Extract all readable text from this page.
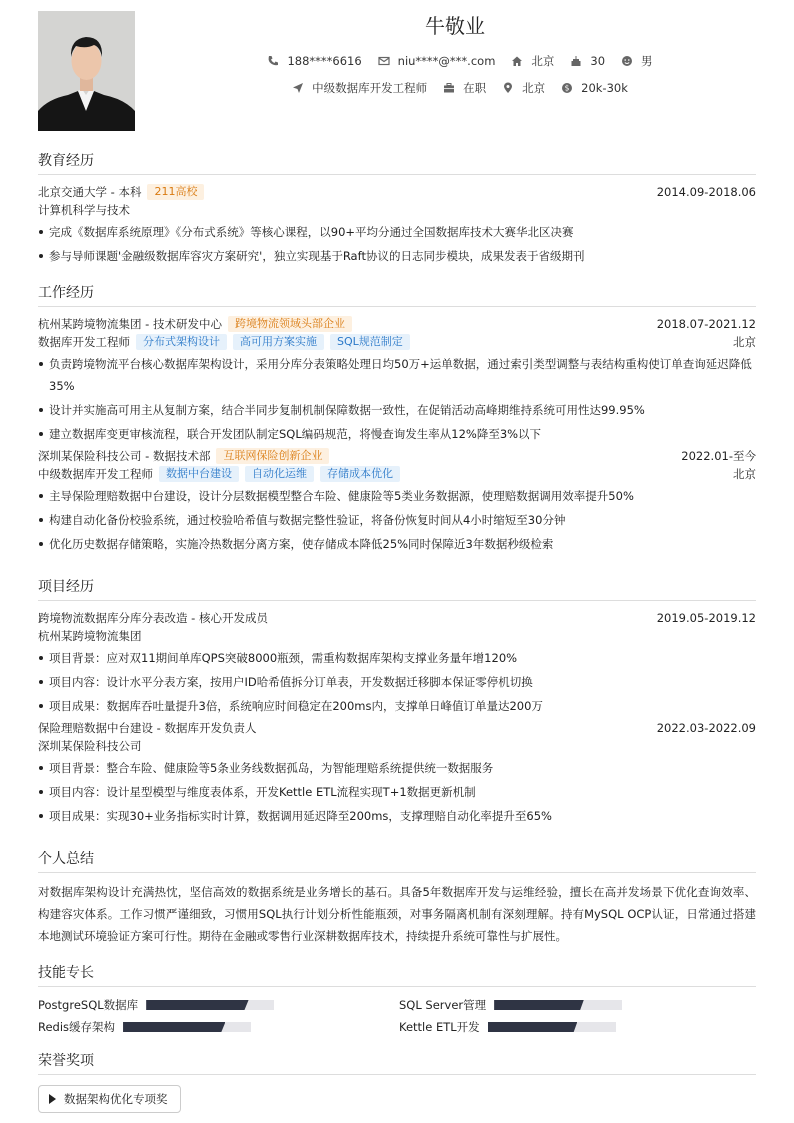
牛敬业
188****6616	niu****@***.com	北京	30	男
中级数据库开发工程师	在职	北京	$ 20k-30k
教育经历
北京交通大学 - 本科	211高校	2014.09-2018.06
计算机科学与技术
完成《数据库系统原理》《分布式系统》等核心课程，以90+平均分通过全国数据库技术大赛华北区决赛
参与导师课题'金融级数据库容灾方案研究'，独立实现基于Raft协议的日志同步模块，成果发表于省级期刊
工作经历
杭州某跨境物流集团 - 技术研发中心	跨境物流领域头部企业	2018.07-2021.12
数据库开发工程师	分布式架构设计	高可用方案实施	SQL规范制定	北京
负责跨境物流平台核心数据库架构设计，采用分库分表策略处理日均50万+运单数据，通过索引类型调整与表结构重构使订单查询延迟降低35%
设计并实施高可用主从复制方案，结合半同步复制机制保障数据一致性，在促销活动高峰期维持系统可用性达99.95%
建立数据库变更审核流程，联合开发团队制定SQL编码规范，将慢查询发生率从12%降至3%以下
深圳某保险科技公司 - 数据技术部	互联网保险创新企业	2022.01-至今
中级数据库开发工程师	数据中台建设	自动化运维	存储成本优化	北京
主导保险理赔数据中台建设，设计分层数据模型整合车险、健康险等5类业务数据源，使理赔数据调用效率提升50%
构建自动化备份校验系统，通过校验哈希值与数据完整性验证，将备份恢复时间从4小时缩短至30分钟
优化历史数据存储策略，实施冷热数据分离方案，使存储成本降低25%同时保障近3年数据秒级检索
项目经历
跨境物流数据库分库分表改造 - 核心开发成员	2019.05-2019.12
杭州某跨境物流集团
项目背景：应对双11期间单库QPS突破8000瓶颈，需重构数据库架构支撑业务量年增120%
项目内容：设计水平分表方案，按用户ID哈希值拆分订单表，开发数据迁移脚本保证零停机切换
项目成果：数据库吞吐量提升3倍，系统响应时间稳定在200ms内，支撑单日峰值订单量达200万
保险理赔数据中台建设 - 数据库开发负责人	2022.03-2022.09
深圳某保险科技公司
项目背景：整合车险、健康险等5条业务线数据孤岛，为智能理赔系统提供统一数据服务
项目内容：设计星型模型与维度表体系，开发Kettle ETL流程实现T+1数据更新机制
项目成果：实现30+业务指标实时计算，数据调用延迟降至200ms，支撑理赔自动化率提升至65%
个人总结
对数据库架构设计充满热忱，坚信高效的数据系统是业务增长的基石。具备5年数据库开发与运维经验，擅长在高并发场景下优化查询效率、构建容灾体系。工作习惯严谨细致，习惯用SQL执行计划分析性能瓶颈，对事务隔离机制有深刻理解。持有MySQL OCP认证，日常通过搭建本地测试环境验证方案可行性。期待在金融或零售行业深耕数据库技术，持续提升系统可靠性与扩展性。
技能专长
PostgreSQL数据库	SQL Server管理
Redis缓存架构	Kettle ETL开发
荣誉奖项
数据架构优化专项奖
